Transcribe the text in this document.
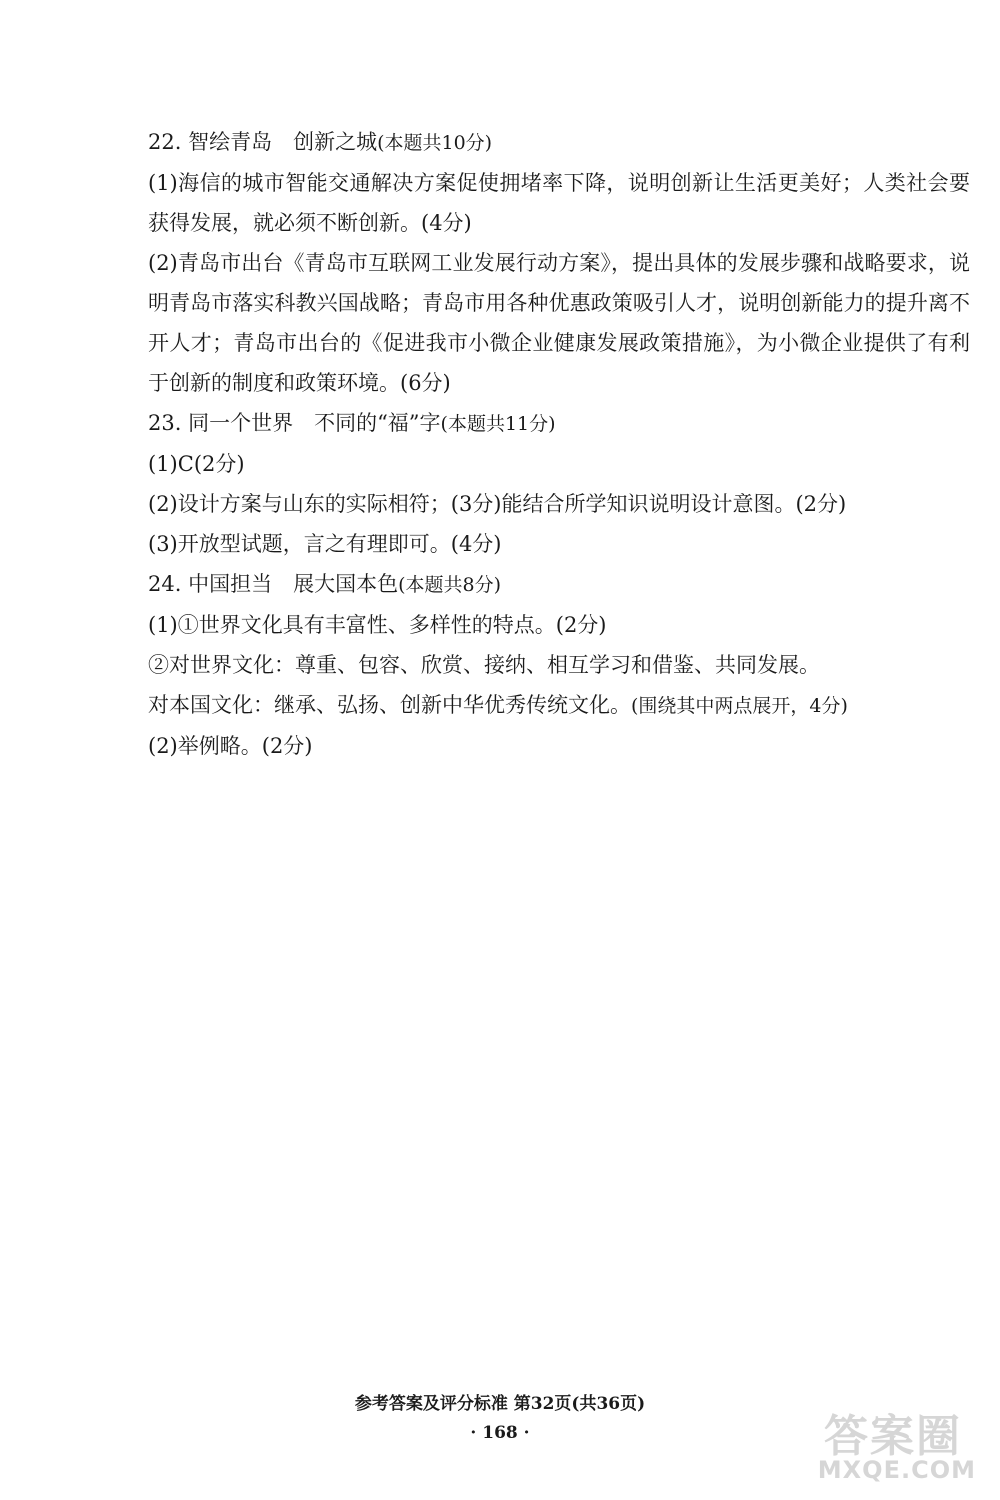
22. 智绘青岛　创新之城(本题共10分)
(1)海信的城市智能交通解决方案促使拥堵率下降，说明创新让生活更美好；人类社会要获得发展，就必须不断创新。(4分)
(2)青岛市出台《青岛市互联网工业发展行动方案》，提出具体的发展步骤和战略要求，说明青岛市落实科教兴国战略；青岛市用各种优惠政策吸引人才，说明创新能力的提升离不开人才；青岛市出台的《促进我市小微企业健康发展政策措施》，为小微企业提供了有利于创新的制度和政策环境。(6分)
23. 同一个世界　不同的“福”字(本题共11分)
(1)C(2分)
(2)设计方案与山东的实际相符；(3分)能结合所学知识说明设计意图。(2分)
(3)开放型试题，言之有理即可。(4分)
24. 中国担当　展大国本色(本题共8分)
(1)①世界文化具有丰富性、多样性的特点。(2分)
②对世界文化：尊重、包容、欣赏、接纳、相互学习和借鉴、共同发展。
对本国文化：继承、弘扬、创新中华优秀传统文化。(围绕其中两点展开，4分)
(2)举例略。(2分)
参考答案及评分标准 第32页(共36页)
· 168 ·	答案圈
MXQE.COM
